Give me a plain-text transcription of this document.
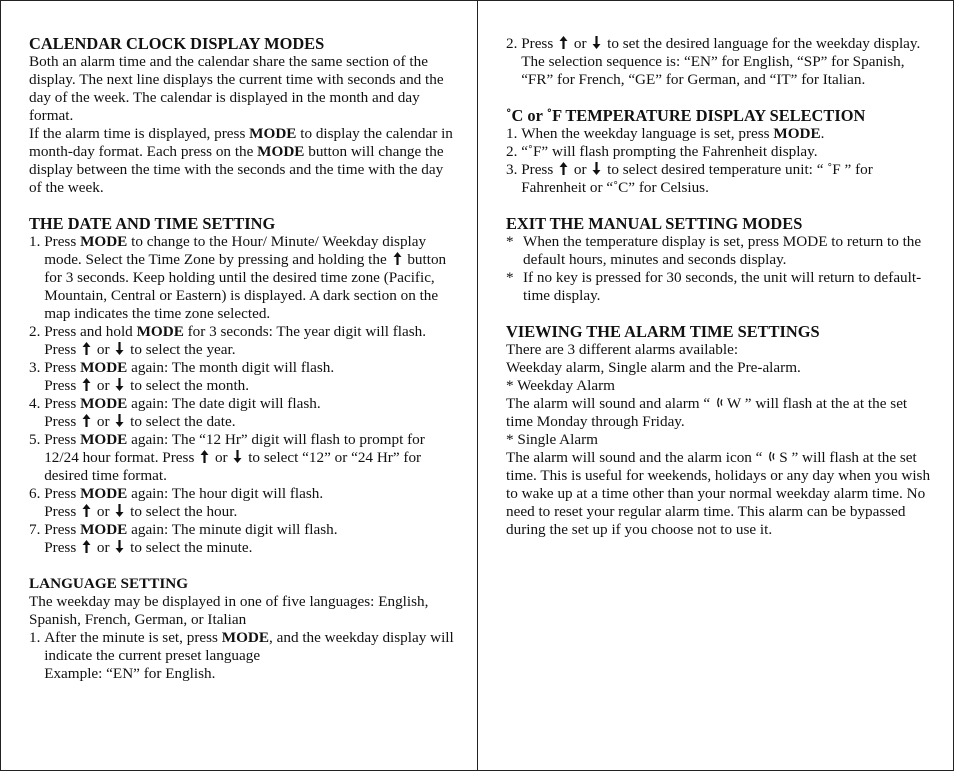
CALENDAR CLOCK DISPLAY MODES

Both an alarm time and the calendar share the same section of the display. The next line displays the current time with seconds and the day of the week. The calendar is displayed in the month and day format.

If the alarm time is displayed, press MODE to display the calendar in month-day format. Each press on the MODE button will change the display between the time with the seconds and the time with the day of the week.

THE DATE AND TIME SETTING
1. Press MODE to change to the Hour/ Minute/ Weekday display mode. Select the Time Zone by pressing and holding the
button for 3 seconds. Keep holding until the desired time zone (Pacific, Mountain, Central or Eastern) is displayed. A dark section on the map indicates the time zone selected.
2. Press and hold MODE for 3 seconds: The year digit will flash. Press
or
to select the year.
3. Press MODE again: The month digit will flash.
Press
or
to select the month.
4. Press MODE again: The date digit will flash.
Press
or
to select the date.
5. Press MODE again: The “12 Hr” digit will flash to prompt for 12/24 hour format. Press
or
to select “12” or “24 Hr” for desired time format.
6. Press MODE again: The hour digit will flash.
Press
or
to select the hour.
7. Press MODE again: The minute digit will flash.
Press
or
to select the minute.
LANGUAGE SETTING

The weekday may be displayed in one of five languages: English, Spanish, French, German, or Italian

1. After the minute is set, press MODE, and the weekday display will indicate the current preset language
Example: “EN” for English.
2. Press
or
to set the desired language for the weekday display. The selection sequence is: “EN” for English, “SP” for Spanish, “FR” for French, “GE” for German, and “IT” for Italian.
˚C or ˚F TEMPERATURE DISPLAY SELECTION
1. When the weekday language is set, press MODE.
2. “˚F” will flash prompting the Fahrenheit display.
3. Press
or
to select desired temperature unit: “ ˚F ” for Fahrenheit or “˚C” for Celsius.
EXIT THE MANUAL SETTING MODES
* When the temperature display is set, press MODE to return to the default hours, minutes and seconds display.
* If no key is pressed for 30 seconds, the unit will return to default-time display.
VIEWING THE ALARM TIME SETTINGS

There are 3 different alarms available:

Weekday alarm, Single alarm and the Pre-alarm.

* Weekday Alarm

The alarm will sound and alarm “
W ” will flash at the at the set time Monday through Friday.

* Single Alarm

The alarm will sound and the alarm icon “
S ” will flash at the set time. This is useful for weekends, holidays or any day when you wish to wake up at a time other than your normal weekday alarm time. No need to reset your regular alarm time. This alarm can be bypassed during the set up if you choose not to use it.
